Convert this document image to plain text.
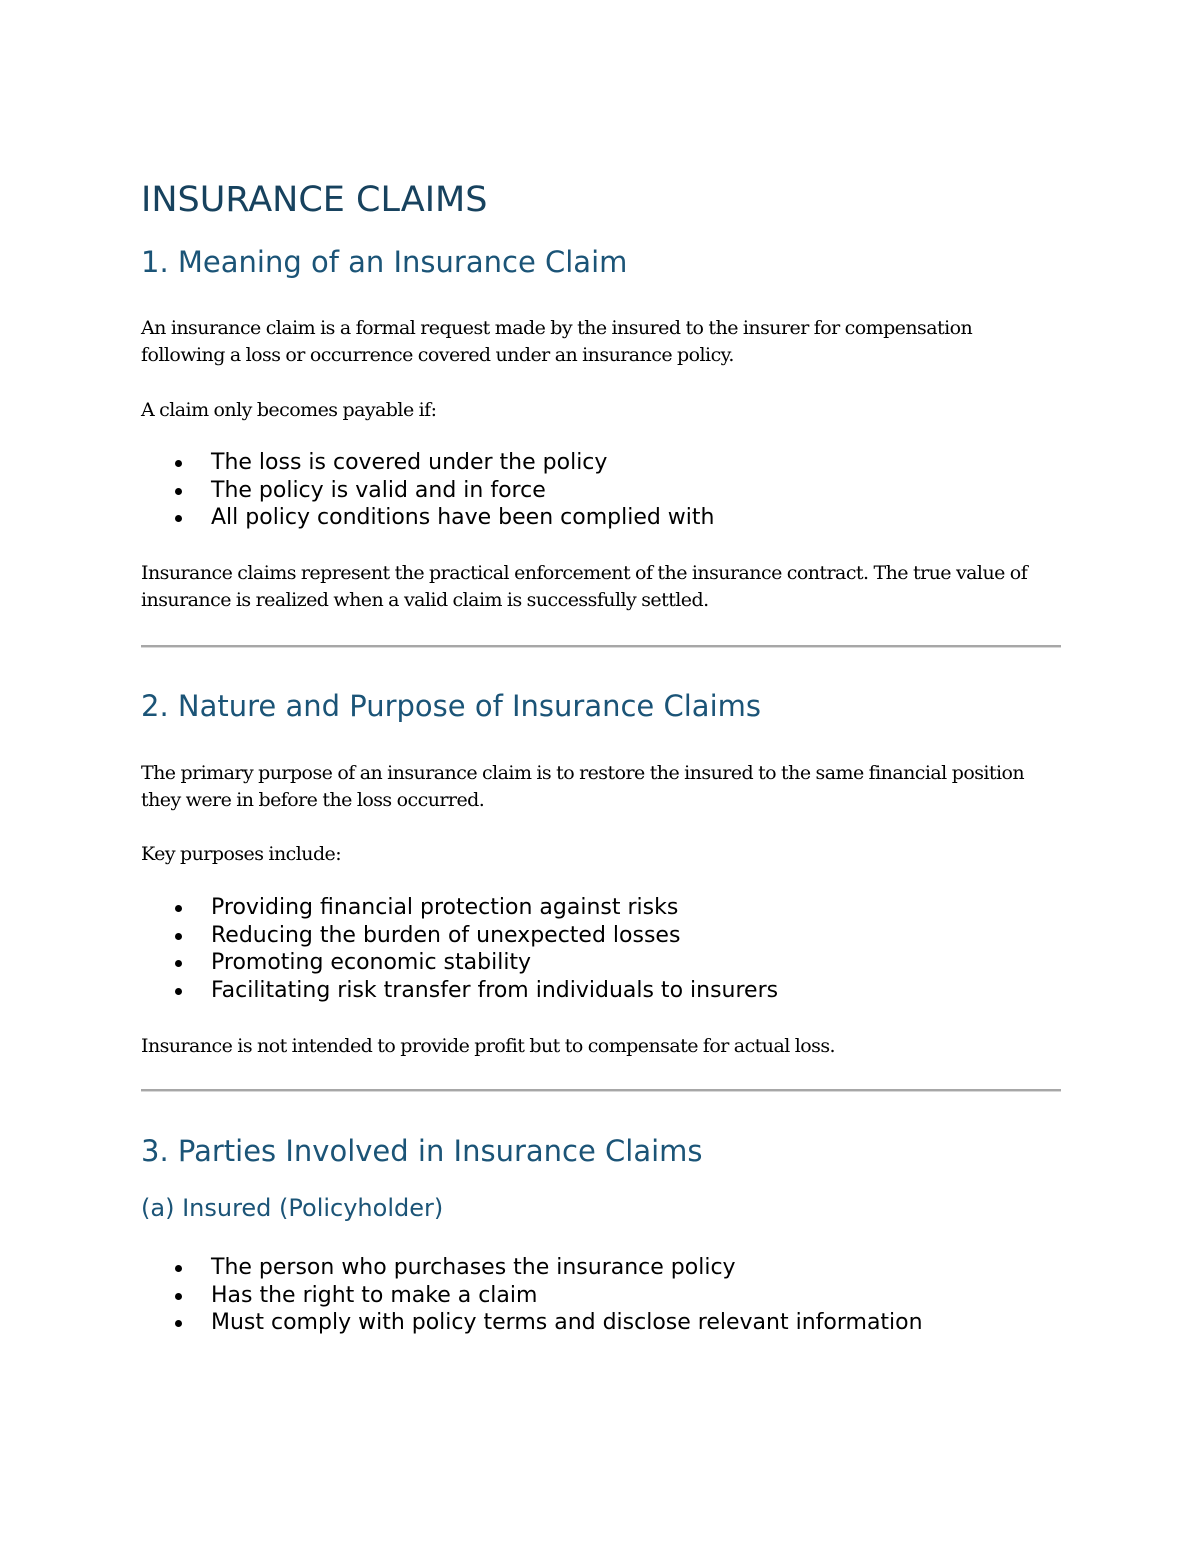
INSURANCE CLAIMS
1. Meaning of an Insurance Claim

An insurance claim is a formal request made by the insured to the insurer for compensation
following a loss or occurrence covered under an insurance policy.

A claim only becomes payable if:

The loss is covered under the policy
The policy is valid and in force
All policy conditions have been complied with

Insurance claims represent the practical enforcement of the insurance contract. The true value of
insurance is realized when a valid claim is successfully settled.

2. Nature and Purpose of Insurance Claims

The primary purpose of an insurance claim is to restore the insured to the same financial position
they were in before the loss occurred.

Key purposes include:

Providing financial protection against risks
Reducing the burden of unexpected losses
Promoting economic stability
Facilitating risk transfer from individuals to insurers

Insurance is not intended to provide profit but to compensate for actual loss.

3. Parties Involved in Insurance Claims
(a) Insured (Policyholder)
The person who purchases the insurance policy
Has the right to make a claim
Must comply with policy terms and disclose relevant information
